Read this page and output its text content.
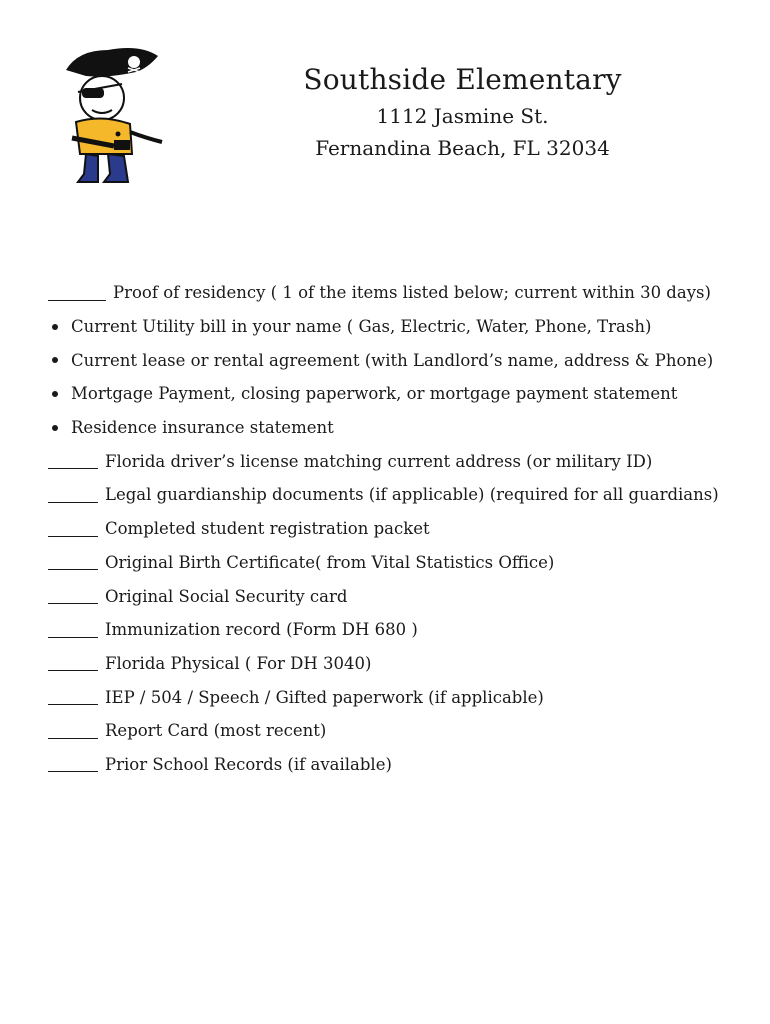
Southside Elementary
1112 Jasmine St.
Fernandina Beach, FL 32034
Proof of residency ( 1 of the items listed below; current within 30 days)
Current Utility bill in your name ( Gas, Electric, Water, Phone, Trash)
Current lease or rental agreement (with Landlord’s name, address & Phone)
Mortgage Payment, closing paperwork, or mortgage payment statement
Residence insurance statement
Florida driver’s license matching current address (or military ID)
Legal guardianship documents (if applicable) (required for all guardians)
Completed student registration packet
Original Birth Certificate( from Vital Statistics Office)
Original Social Security card
Immunization record (Form DH 680 )
Florida Physical ( For DH 3040)
IEP / 504 / Speech / Gifted paperwork (if applicable)
Report Card (most recent)
Prior School Records (if available)
